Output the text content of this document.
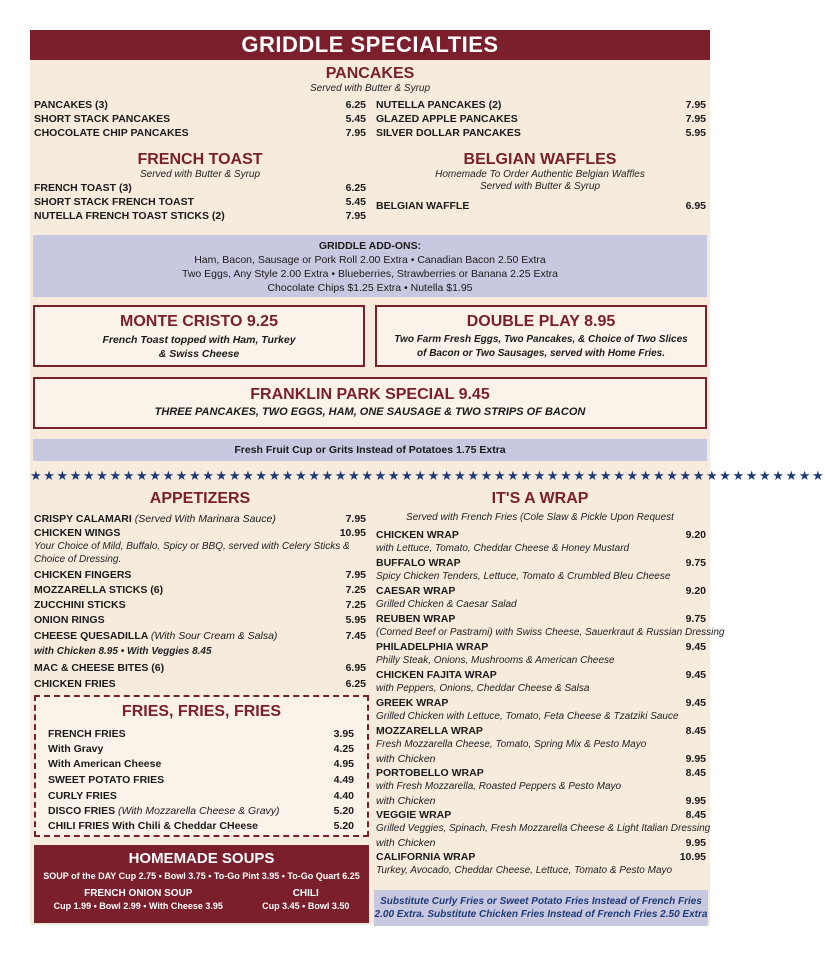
GRIDDLE SPECIALTIES
PANCAKES
Served with Butter & Syrup
PANCAKES (3)	6.25
SHORT STACK PANCAKES	5.45
CHOCOLATE CHIP PANCAKES	7.95
NUTELLA PANCAKES (2)	7.95
GLAZED APPLE PANCAKES	7.95
SILVER DOLLAR PANCAKES	5.95
FRENCH TOAST
Served with Butter & Syrup
FRENCH TOAST (3)	6.25
SHORT STACK FRENCH TOAST	5.45
NUTELLA FRENCH TOAST STICKS (2)	7.95
BELGIAN WAFFLES
Homemade To Order Authentic Belgian Waffles
Served with Butter & Syrup
BELGIAN WAFFLE	6.95
GRIDDLE ADD-ONS:
Ham, Bacon, Sausage or Pork Roll 2.00 Extra • Canadian Bacon 2.50 Extra
Two Eggs, Any Style 2.00 Extra • Blueberries, Strawberries or Banana 2.25 Extra
Chocolate Chips $1.25 Extra • Nutella $1.95
MONTE CRISTO 9.25
French Toast topped with Ham, Turkey
& Swiss Cheese
DOUBLE PLAY 8.95
Two Farm Fresh Eggs, Two Pancakes, & Choice of Two Slices
of Bacon or Two Sausages, served with Home Fries.
FRANKLIN PARK SPECIAL 9.45
THREE PANCAKES, TWO EGGS, HAM, ONE SAUSAGE & TWO STRIPS OF BACON
Fresh Fruit Cup or Grits Instead of Potatoes 1.75 Extra
★★★★★★★★★★★★★★★★★★★★★★★★★★★★★★★★★★★★★★★★★★★★★★★★★★★★★★★★★★★★
APPETIZERS
CRISPY CALAMARI (Served With Marinara Sauce)	7.95
CHICKEN WINGS	10.95
Your Choice of Mild, Buffalo, Spicy or BBQ, served with Celery Sticks &
Choice of Dressing.
CHICKEN FINGERS	7.95
MOZZARELLA STICKS (6)	7.25
ZUCCHINI STICKS	7.25
ONION RINGS	5.95
CHEESE QUESADILLA (With Sour Cream & Salsa)	7.45
with Chicken 8.95 • With Veggies 8.45
MAC & CHEESE BITES (6)	6.95
CHICKEN FRIES	6.25
FRIES, FRIES, FRIES
FRENCH FRIES	3.95
With Gravy	4.25
With American Cheese	4.95
SWEET POTATO FRIES	4.49
CURLY FRIES	4.40
DISCO FRIES (With Mozzarella Cheese & Gravy)	5.20
CHILI FRIES With Chili & Cheddar CHeese	5.20
HOMEMADE SOUPS
SOUP of the DAY Cup 2.75 • Bowl 3.75 • To-Go Pint 3.95 • To-Go Quart 6.25
FRENCH ONION SOUP
Cup 1.99 • Bowl 2.99 • With Cheese 3.95
CHILI
Cup 3.45 • Bowl 3.50
IT'S A WRAP
Served with French Fries (Cole Slaw & Pickle Upon Request
CHICKEN WRAP	9.20
with Lettuce, Tomato, Cheddar Cheese & Honey Mustard
BUFFALO WRAP	9.75
Spicy Chicken Tenders, Lettuce, Tomato & Crumbled Bleu Cheese
CAESAR WRAP	9.20
Grilled Chicken & Caesar Salad
REUBEN WRAP	9.75
(Corned Beef or Pastrami) with Swiss Cheese, Sauerkraut & Russian Dressing
PHILADELPHIA WRAP	9.45
Philly Steak, Onions, Mushrooms & American Cheese
CHICKEN FAJITA WRAP	9.45
with Peppers, Onions, Cheddar Cheese & Salsa
GREEK WRAP	9.45
Grilled Chicken with Lettuce, Tomato, Feta Cheese & Tzatziki Sauce
MOZZARELLA WRAP	8.45
Fresh Mozzarella Cheese, Tomato, Spring Mix & Pesto Mayo
with Chicken	9.95
PORTOBELLO WRAP	8.45
with Fresh Mozzarella, Roasted Peppers & Pesto Mayo
with Chicken	9.95
VEGGIE WRAP	8.45
Grilled Veggies, Spinach, Fresh Mozzarella Cheese & Light Italian Dressing
with Chicken	9.95
CALIFORNIA WRAP	10.95
Turkey, Avocado, Cheddar Cheese, Lettuce, Tomato & Pesto Mayo
Substitute Curly Fries or Sweet Potato Fries Instead of French Fries
2.00 Extra. Substitute Chicken Fries Instead of French Fries 2.50 Extra
